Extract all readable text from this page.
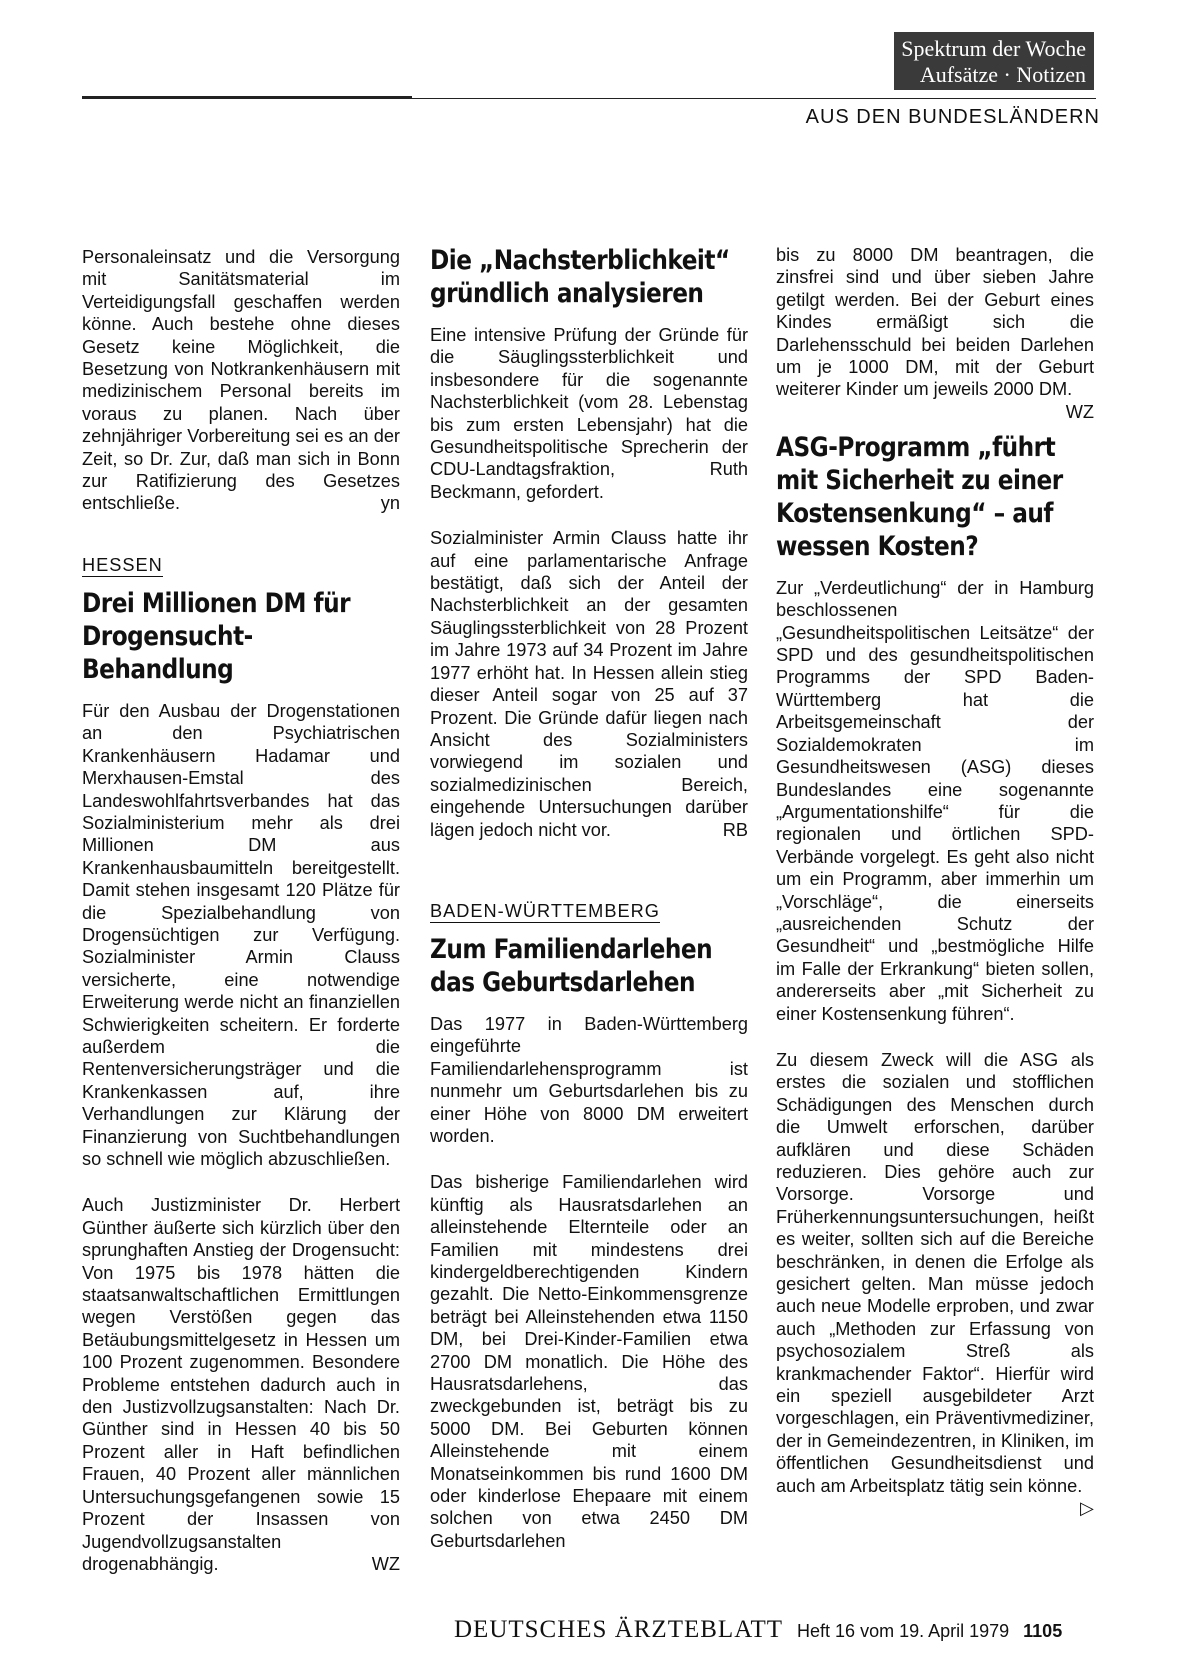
Spektrum der Woche
Aufsätze · Notizen
AUS DEN BUNDESLÄNDERN

Personaleinsatz und die Versorgung mit Sanitätsmaterial im Verteidigungsfall geschaffen werden könne. Auch bestehe ohne dieses Gesetz keine Möglichkeit, die Besetzung von Notkrankenhäusern mit medizinischem Personal bereits im voraus zu planen. Nach über zehnjähriger Vorbereitung sei es an der Zeit, so Dr. Zur, daß man sich in Bonn zur Ratifizierung des Gesetzes entschließe.	yn

HESSEN
Drei Millionen DM für Drogensucht-Behandlung

Für den Ausbau der Drogenstationen an den Psychiatrischen Krankenhäusern Hadamar und Merxhausen-Emstal des Landeswohlfahrtsverbandes hat das Sozialministerium mehr als drei Millionen DM aus Krankenhausbaumitteln bereitgestellt. Damit stehen insgesamt 120 Plätze für die Spezialbehandlung von Drogensüchtigen zur Verfügung. Sozialminister Armin Clauss versicherte, eine notwendige Erweiterung werde nicht an finanziellen Schwierigkeiten scheitern. Er forderte außerdem die Rentenversicherungsträger und die Krankenkassen auf, ihre Verhandlungen zur Klärung der Finanzierung von Suchtbehandlungen so schnell wie möglich abzuschließen.

Auch Justizminister Dr. Herbert Günther äußerte sich kürzlich über den sprunghaften Anstieg der Drogensucht: Von 1975 bis 1978 hätten die staatsanwaltschaftlichen Ermittlungen wegen Verstößen gegen das Betäubungsmittelgesetz in Hessen um 100 Prozent zugenommen. Besondere Probleme entstehen dadurch auch in den Justizvollzugsanstalten: Nach Dr. Günther sind in Hessen 40 bis 50 Prozent aller in Haft befindlichen Frauen, 40 Prozent aller männlichen Untersuchungsgefangenen sowie 15 Prozent der Insassen von Jugendvollzugsanstalten drogenabhängig.	WZ

Die „Nachsterblichkeit“ gründlich analysieren

Eine intensive Prüfung der Gründe für die Säuglingssterblichkeit und insbesondere für die sogenannte Nachsterblichkeit (vom 28. Lebenstag bis zum ersten Lebensjahr) hat die Gesundheitspolitische Sprecherin der CDU-Landtagsfraktion, Ruth Beckmann, gefordert.

Sozialminister Armin Clauss hatte ihr auf eine parlamentarische Anfrage bestätigt, daß sich der Anteil der Nachsterblichkeit an der gesamten Säuglingssterblichkeit von 28 Prozent im Jahre 1973 auf 34 Prozent im Jahre 1977 erhöht hat. In Hessen allein stieg dieser Anteil sogar von 25 auf 37 Prozent. Die Gründe dafür liegen nach Ansicht des Sozialministers vorwiegend im sozialen und sozialmedizinischen Bereich, eingehende Untersuchungen darüber lägen jedoch nicht vor.	RB

BADEN-WÜRTTEMBERG
Zum Familiendarlehen das Geburtsdarlehen

Das 1977 in Baden-Württemberg eingeführte Familiendarlehensprogramm ist nunmehr um Geburtsdarlehen bis zu einer Höhe von 8000 DM erweitert worden.

Das bisherige Familiendarlehen wird künftig als Hausratsdarlehen an alleinstehende Elternteile oder an Familien mit mindestens drei kindergeldberechtigenden Kindern gezahlt. Die Netto-Einkommensgrenze beträgt bei Alleinstehenden etwa 1150 DM, bei Drei-Kinder-Familien etwa 2700 DM monatlich. Die Höhe des Hausratsdarlehens, das zweckgebunden ist, beträgt bis zu 5000 DM. Bei Geburten können Alleinstehende mit einem Monatseinkommen bis rund 1600 DM oder kinderlose Ehepaare mit einem solchen von etwa 2450 DM Geburtsdarlehen

bis zu 8000 DM beantragen, die zinsfrei sind und über sieben Jahre getilgt werden. Bei der Geburt eines Kindes ermäßigt sich die Darlehensschuld bei beiden Darlehen um je 1000 DM, mit der Geburt weiterer Kinder um jeweils 2000 DM.
WZ

ASG-Programm „führt mit Sicherheit zu einer Kostensenkung“ – auf wessen Kosten?

Zur „Verdeutlichung“ der in Hamburg beschlossenen „Gesundheitspolitischen Leitsätze“ der SPD und des gesundheitspolitischen Programms der SPD Baden-Württemberg hat die Arbeitsgemeinschaft der Sozialdemokraten im Gesundheitswesen (ASG) dieses Bundeslandes eine sogenannte „Argumentationshilfe“ für die regionalen und örtlichen SPD-Verbände vorgelegt. Es geht also nicht um ein Programm, aber immerhin um „Vorschläge“, die einerseits „ausreichenden Schutz der Gesundheit“ und „bestmögliche Hilfe im Falle der Erkrankung“ bieten sollen, andererseits aber „mit Sicherheit zu einer Kostensenkung führen“.

Zu diesem Zweck will die ASG als erstes die sozialen und stofflichen Schädigungen des Menschen durch die Umwelt erforschen, darüber aufklären und diese Schäden reduzieren. Dies gehöre auch zur Vorsorge. Vorsorge und Früherkennungsuntersuchungen, heißt es weiter, sollten sich auf die Bereiche beschränken, in denen die Erfolge als gesichert gelten. Man müsse jedoch auch neue Modelle erproben, und zwar auch „Methoden zur Erfassung von psychosozialem Streß als krankmachender Faktor“. Hierfür wird ein speziell ausgebildeter Arzt vorgeschlagen, ein Präventivmediziner, der in Gemeindezentren, in Kliniken, im öffentlichen Gesundheitsdienst und auch am Arbeitsplatz tätig sein könne.
▷

DEUTSCHES ÄRZTEBLATT Heft 16 vom 19. April 1979 1105
